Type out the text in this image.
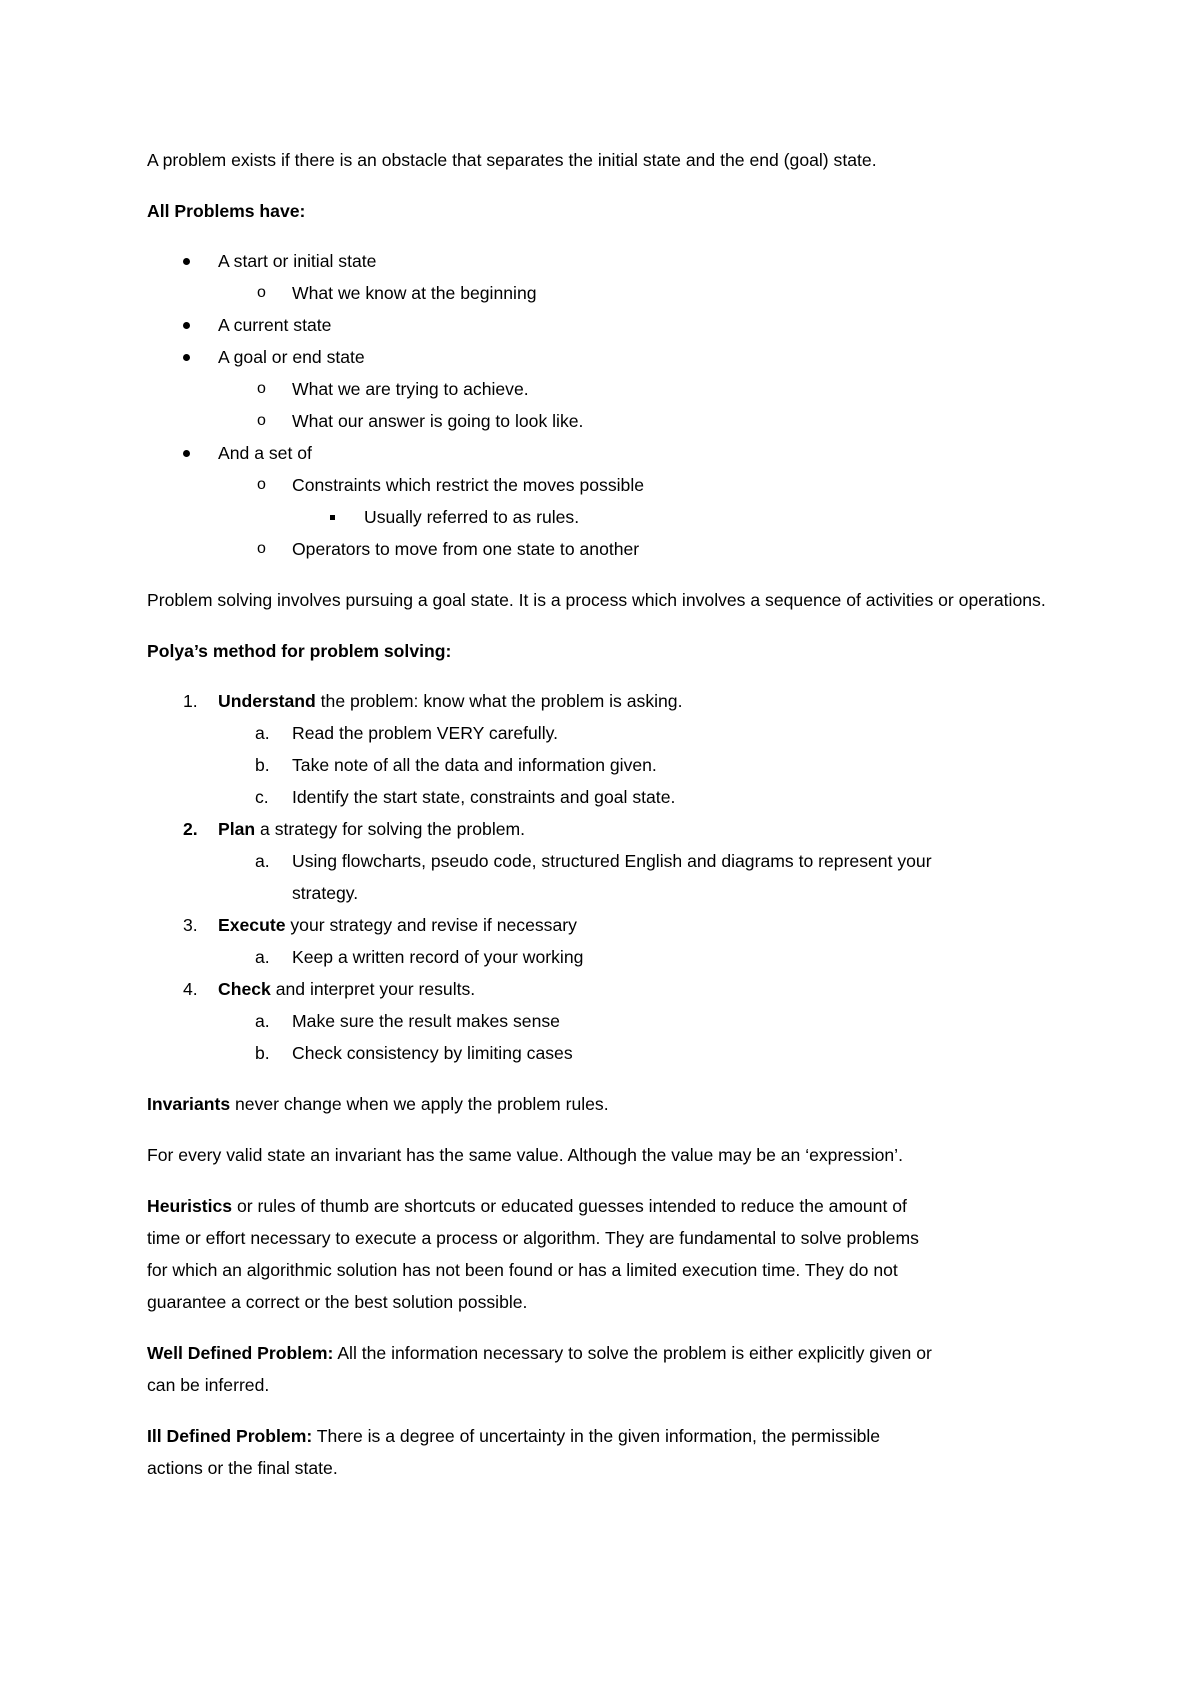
A problem exists if there is an obstacle that separates the initial state and the end (goal) state.

All Problems have:

A start or initial state
o What we know at the beginning
A current state
A goal or end state
o What we are trying to achieve.
o What our answer is going to look like.
And a set of
o Constraints which restrict the moves possible
Usually referred to as rules.
o Operators to move from one state to another

Problem solving involves pursuing a goal state. It is a process which involves a sequence of activities or operations.

Polya’s method for problem solving:

1.	Understand the problem: know what the problem is asking.
a. Read the problem VERY carefully.
b. Take note of all the data and information given.
c. Identify the start state, constraints and goal state.
2.	Plan a strategy for solving the problem.
a. Using flowcharts, pseudo code, structured English and diagrams to represent your
strategy.
3.	Execute your strategy and revise if necessary
a. Keep a written record of your working
4.	Check and interpret your results.
a. Make sure the result makes sense
b. Check consistency by limiting cases

Invariants never change when we apply the problem rules.

For every valid state an invariant has the same value. Although the value may be an ‘expression’.

Heuristics or rules of thumb are shortcuts or educated guesses intended to reduce the amount of
time or effort necessary to execute a process or algorithm. They are fundamental to solve problems
for which an algorithmic solution has not been found or has a limited execution time. They do not
guarantee a correct or the best solution possible.

Well Defined Problem: All the information necessary to solve the problem is either explicitly given or
can be inferred.

Ill Defined Problem: There is a degree of uncertainty in the given information, the permissible
actions or the final state.
